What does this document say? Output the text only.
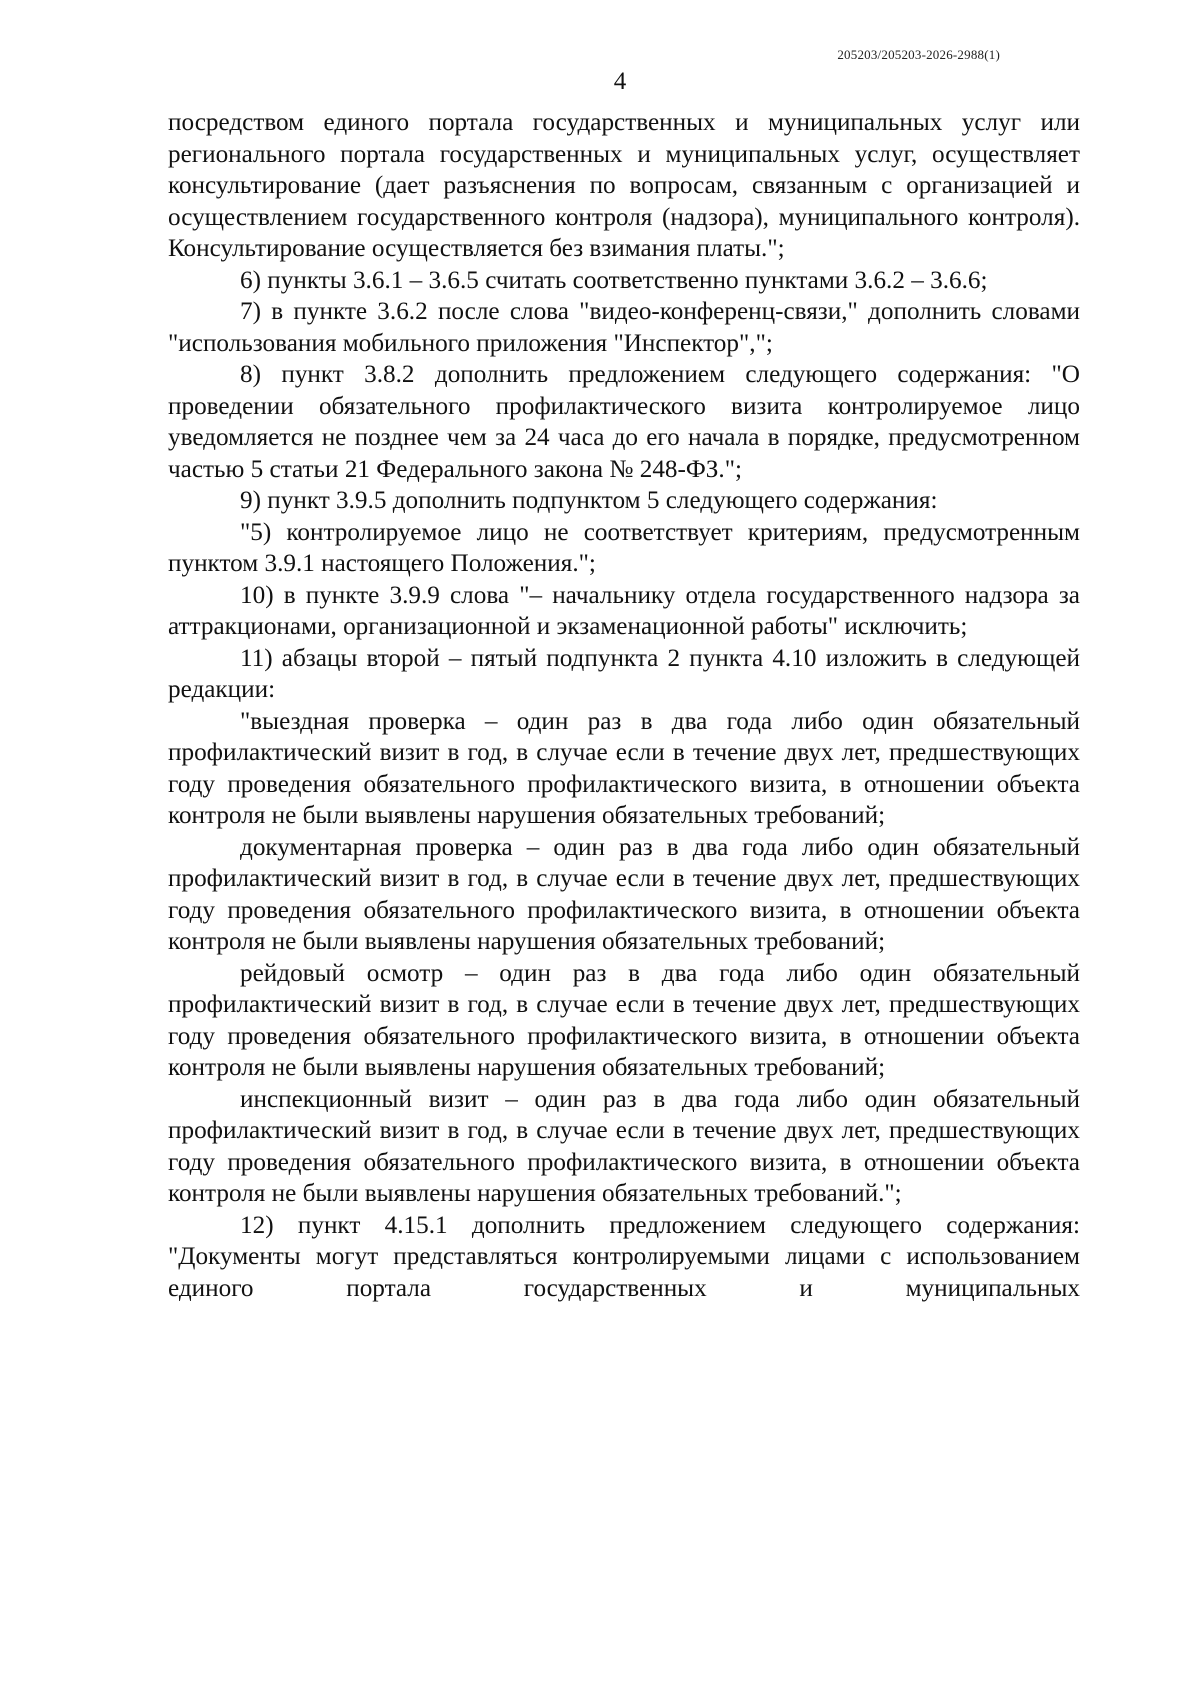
205203/205203-2026-2988(1)
4

посредством единого портала государственных и муниципальных услуг или регионального портала государственных и муниципальных услуг, осуществляет консультирование (дает разъяснения по вопросам, связанным с организацией и осуществлением государственного контроля (надзора), муниципального контроля). Консультирование осуществляется без взимания платы.";

6) пункты 3.6.1 – 3.6.5 считать соответственно пунктами 3.6.2 – 3.6.6;

7) в пункте 3.6.2 после слова "видео-конференц-связи," дополнить словами "использования мобильного приложения "Инспектор",";

8) пункт 3.8.2 дополнить предложением следующего содержания: "О проведении обязательного профилактического визита контролируемое лицо уведомляется не позднее чем за 24 часа до его начала в порядке, предусмотренном частью 5 статьи 21 Федерального закона № 248-ФЗ.";

9) пункт 3.9.5 дополнить подпунктом 5 следующего содержания:

"5) контролируемое лицо не соответствует критериям, предусмотренным пунктом 3.9.1 настоящего Положения.";

10) в пункте 3.9.9 слова "– начальнику отдела государственного надзора за аттракционами, организационной и экзаменационной работы" исключить;

11) абзацы второй – пятый подпункта 2 пункта 4.10 изложить в следующей редакции:

"выездная проверка – один раз в два года либо один обязательный профилактический визит в год, в случае если в течение двух лет, предшествующих году проведения обязательного профилактического визита, в отношении объекта контроля не были выявлены нарушения обязательных требований;

документарная проверка – один раз в два года либо один обязательный профилактический визит в год, в случае если в течение двух лет, предшествующих году проведения обязательного профилактического визита, в отношении объекта контроля не были выявлены нарушения обязательных требований;

рейдовый осмотр – один раз в два года либо один обязательный профилактический визит в год, в случае если в течение двух лет, предшествующих году проведения обязательного профилактического визита, в отношении объекта контроля не были выявлены нарушения обязательных требований;

инспекционный визит – один раз в два года либо один обязательный профилактический визит в год, в случае если в течение двух лет, предшествующих году проведения обязательного профилактического визита, в отношении объекта контроля не были выявлены нарушения обязательных требований.";

12) пункт 4.15.1 дополнить предложением следующего содержания: "Документы могут представляться контролируемыми лицами с использованием единого портала государственных и муниципальных
